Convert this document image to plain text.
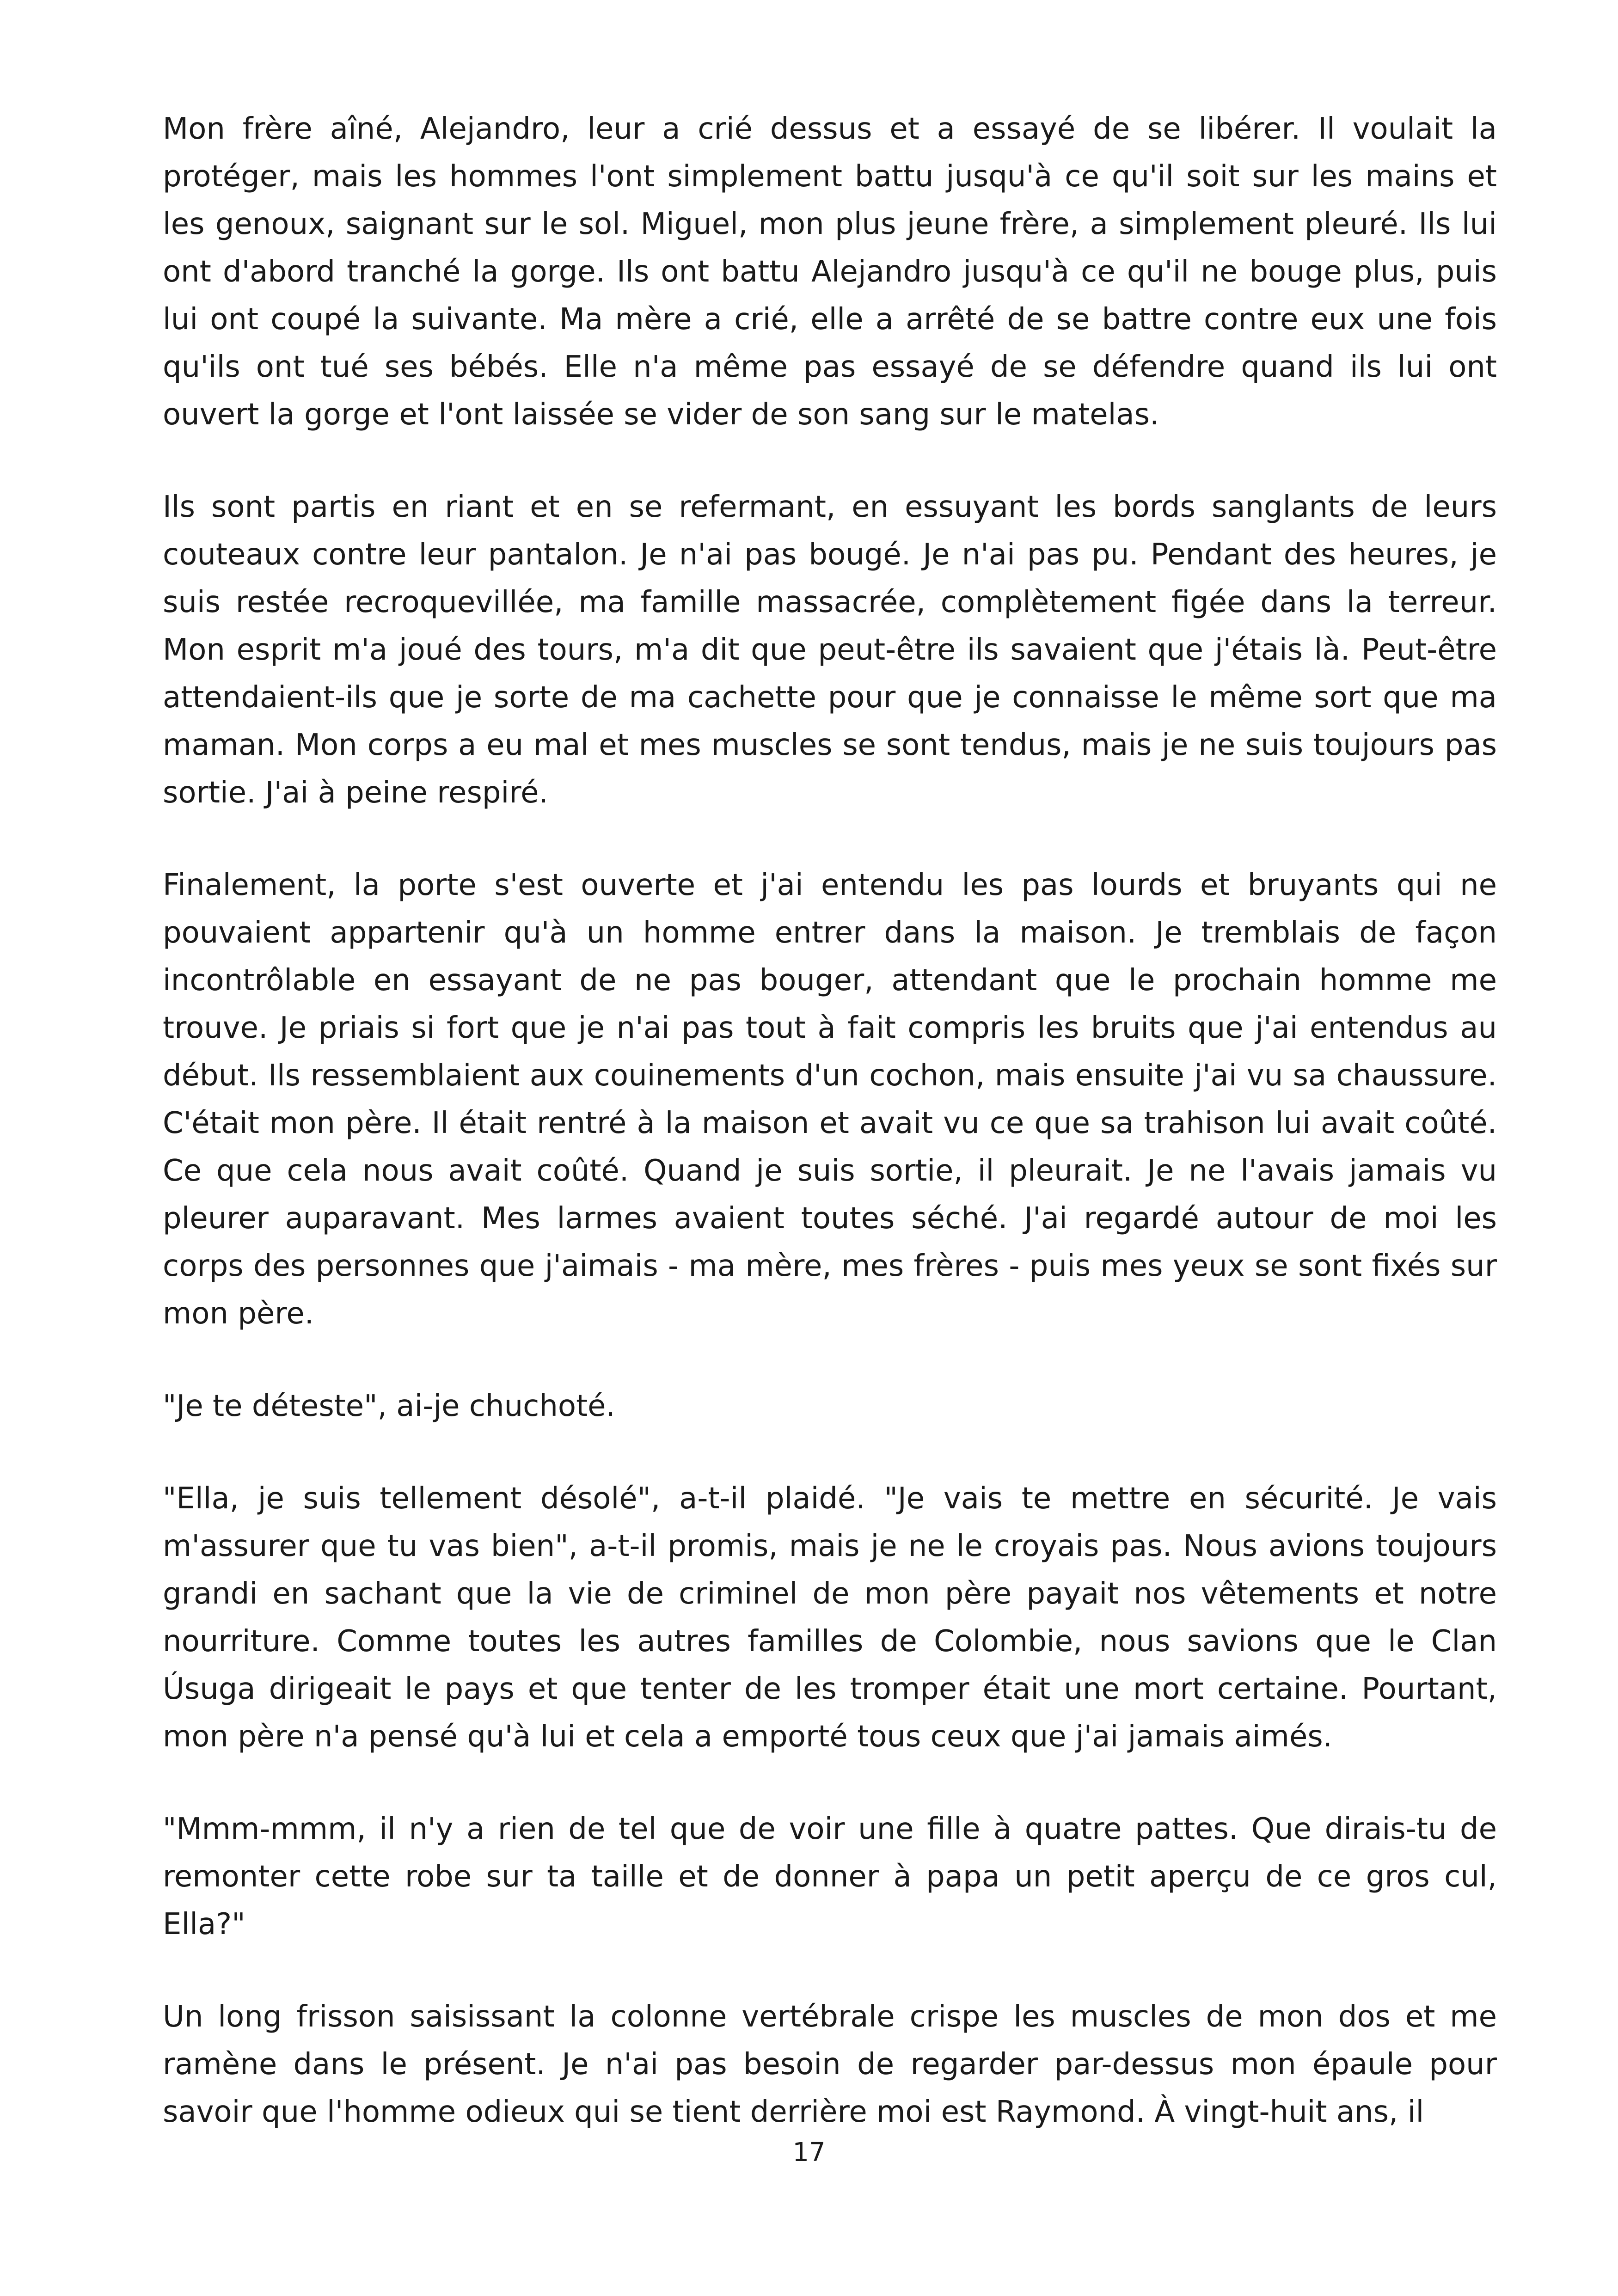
Mon frère aîné, Alejandro, leur a crié dessus et a essayé de se libérer. Il voulait la protéger, mais les hommes l'ont simplement battu jusqu'à ce qu'il soit sur les mains et les genoux, saignant sur le sol. Miguel, mon plus jeune frère, a simplement pleuré. Ils lui ont d'abord tranché la gorge. Ils ont battu Alejandro jusqu'à ce qu'il ne bouge plus, puis lui ont coupé la suivante. Ma mère a crié, elle a arrêté de se battre contre eux une fois qu'ils ont tué ses bébés. Elle n'a même pas essayé de se défendre quand ils lui ont ouvert la gorge et l'ont laissée se vider de son sang sur le matelas.

Ils sont partis en riant et en se refermant, en essuyant les bords sanglants de leurs couteaux contre leur pantalon. Je n'ai pas bougé. Je n'ai pas pu. Pendant des heures, je suis restée recroquevillée, ma famille massacrée, complètement figée dans la terreur. Mon esprit m'a joué des tours, m'a dit que peut-être ils savaient que j'étais là. Peut-être attendaient-ils que je sorte de ma cachette pour que je connaisse le même sort que ma maman. Mon corps a eu mal et mes muscles se sont tendus, mais je ne suis toujours pas sortie. J'ai à peine respiré.

Finalement, la porte s'est ouverte et j'ai entendu les pas lourds et bruyants qui ne pouvaient appartenir qu'à un homme entrer dans la maison. Je tremblais de façon incontrôlable en essayant de ne pas bouger, attendant que le prochain homme me trouve. Je priais si fort que je n'ai pas tout à fait compris les bruits que j'ai entendus au début. Ils ressemblaient aux couinements d'un cochon, mais ensuite j'ai vu sa chaussure. C'était mon père. Il était rentré à la maison et avait vu ce que sa trahison lui avait coûté. Ce que cela nous avait coûté. Quand je suis sortie, il pleurait. Je ne l'avais jamais vu pleurer auparavant. Mes larmes avaient toutes séché. J'ai regardé autour de moi les corps des personnes que j'aimais - ma mère, mes frères - puis mes yeux se sont fixés sur mon père.

"Je te déteste", ai-je chuchoté.

"Ella, je suis tellement désolé", a-t-il plaidé. "Je vais te mettre en sécurité. Je vais m'assurer que tu vas bien", a-t-il promis, mais je ne le croyais pas. Nous avions toujours grandi en sachant que la vie de criminel de mon père payait nos vêtements et notre nourriture. Comme toutes les autres familles de Colombie, nous savions que le Clan Úsuga dirigeait le pays et que tenter de les tromper était une mort certaine. Pourtant, mon père n'a pensé qu'à lui et cela a emporté tous ceux que j'ai jamais aimés.

"Mmm-mmm, il n'y a rien de tel que de voir une fille à quatre pattes. Que dirais-tu de remonter cette robe sur ta taille et de donner à papa un petit aperçu de ce gros cul, Ella?"

Un long frisson saisissant la colonne vertébrale crispe les muscles de mon dos et me ramène dans le présent. Je n'ai pas besoin de regarder par-dessus mon épaule pour savoir que l'homme odieux qui se tient derrière moi est Raymond. À vingt-huit ans, il

17
